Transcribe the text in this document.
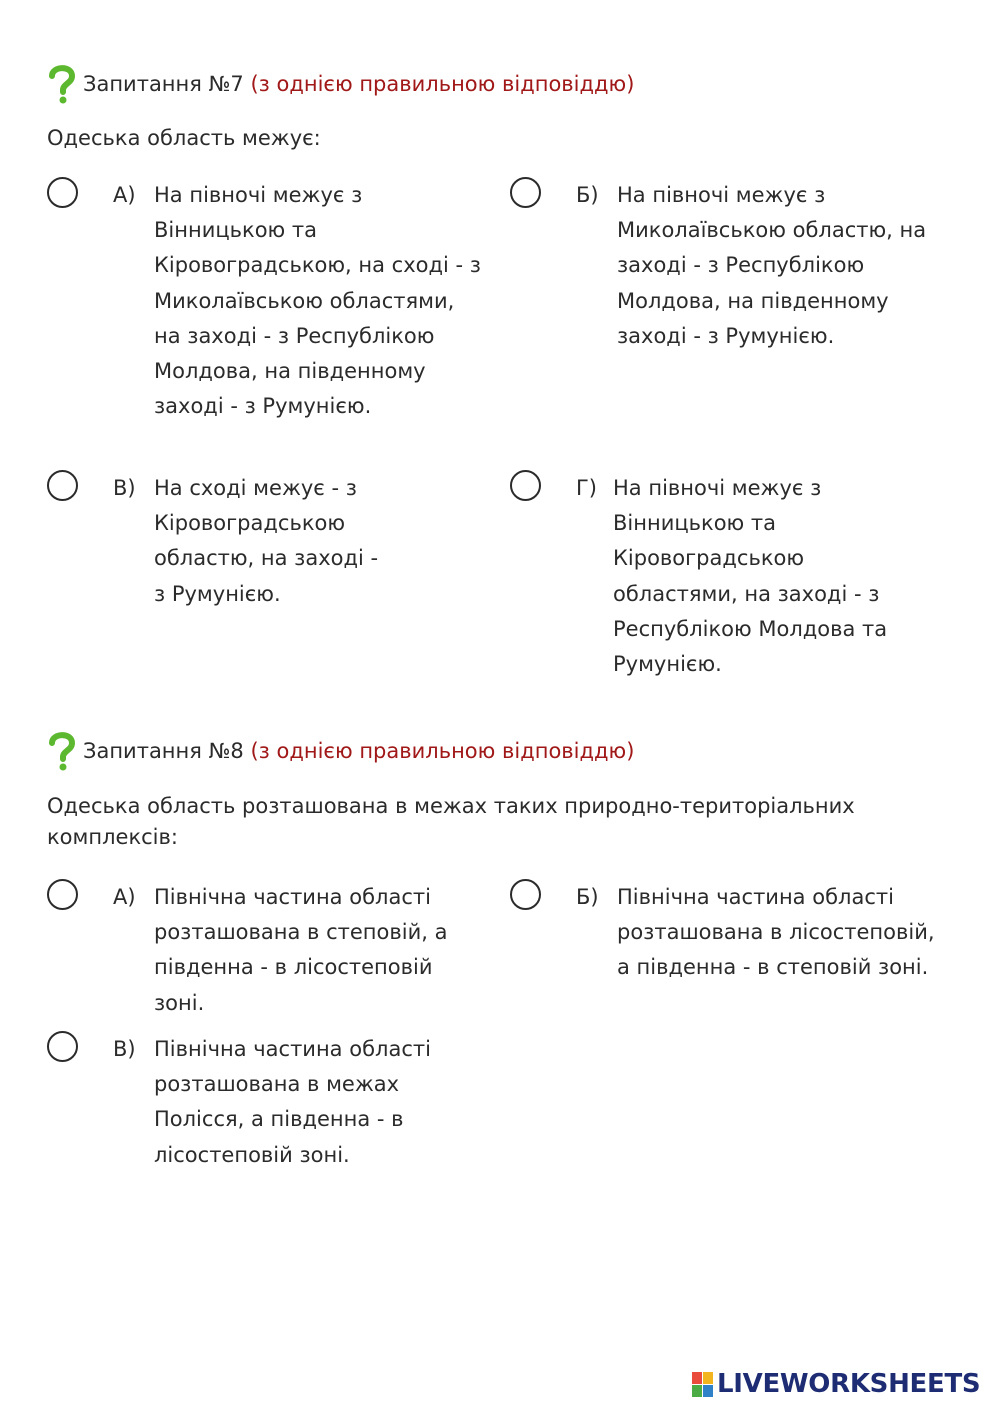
Запитання №7 (з однією правильною відповіддю)
Одеська область межує:
А) На півночі межує з Вінницькою та Кіровоградською, на сході - з Миколаївською областями, на заході - з Республікою Молдова, на південному заході - з Румунією.
Б) На півночі межує з Миколаївською областю, на заході - з Республікою Молдова, на південному заході - з Румунією.
В) На сході межує - з Кіровоградською областю, на заході - з Румунією.
Г) На півночі межує з Вінницькою та Кіровоградською областями, на заході - з Республікою Молдова та Румунією.
Запитання №8 (з однією правильною відповіддю)
Одеська область розташована в межах таких природно-територіальних комплексів:
А) Північна частина області розташована в степовій, а південна - в лісостеповій зоні.
Б) Північна частина області розташована в лісостеповій, а південна - в степовій зоні.
В) Північна частина області розташована в межах Полісся, а південна - в лісостеповій зоні.
LIVEWORKSHEETS
